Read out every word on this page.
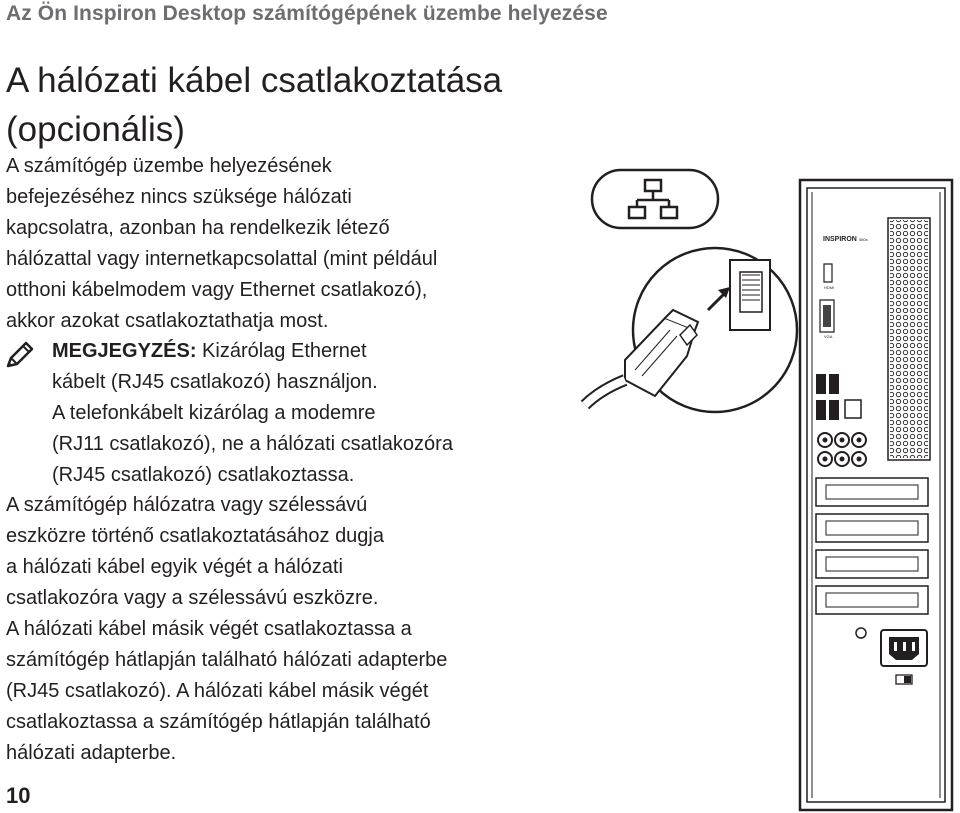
Az Ön Inspiron Desktop számítógépének üzembe helyezése
A hálózati kábel csatlakoztatása (opcionális)

A számítógép üzembe helyezésének
befejezéséhez nincs szüksége hálózati
kapcsolatra, azonban ha rendelkezik létező
hálózattal vagy internetkapcsolattal (mint például
otthoni kábelmodem vagy Ethernet csatlakozó),
akkor azokat csatlakoztathatja most.

MEGJEGYZÉS: Kizárólag Ethernet
kábelt (RJ45 csatlakozó) használjon.
A telefonkábelt kizárólag a modemre
(RJ11 csatlakozó), ne a hálózati csatlakozóra
(RJ45 csatlakozó) csatlakoztassa.

A számítógép hálózatra vagy szélessávú
eszközre történő csatlakoztatásához dugja
a hálózati kábel egyik végét a hálózati
csatlakozóra vagy a szélessávú eszközre.
A hálózati kábel másik végét csatlakoztassa a
számítógép hátlapján található hálózati adapterbe
(RJ45 csatlakozó). A hálózati kábel másik végét
csatlakoztassa a számítógép hátlapján található
hálózati adapterbe.

10
INSPIRON 580s
HDMI
VGA
